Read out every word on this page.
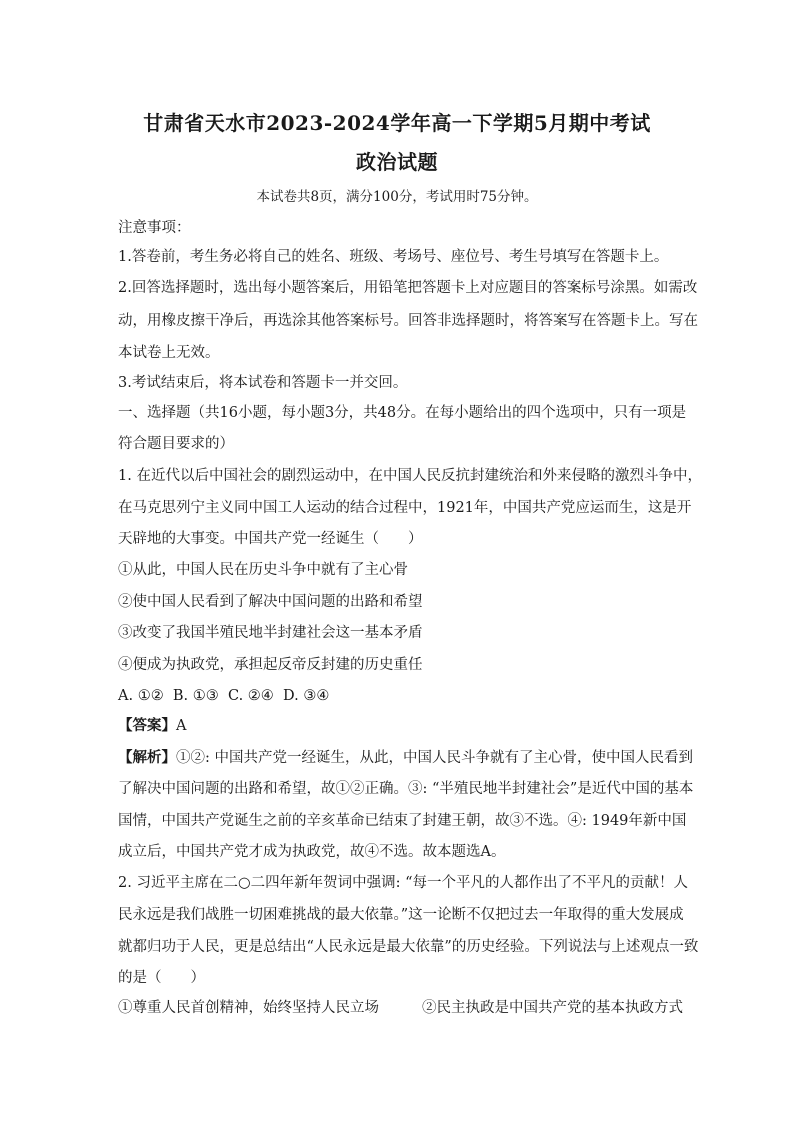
甘肃省天水市2023-2024学年高一下学期5月期中考试
政治试题
本试卷共8页，满分100分，考试用时75分钟。
注意事项：
1.答卷前，考生务必将自己的姓名、班级、考场号、座位号、考生号填写在答题卡上。
2.回答选择题时，选出每小题答案后，用铅笔把答题卡上对应题目的答案标号涂黑。如需改
动，用橡皮擦干净后，再选涂其他答案标号。回答非选择题时，将答案写在答题卡上。写在
本试卷上无效。
3.考试结束后，将本试卷和答题卡一并交回。
一、选择题（共16小题，每小题3分，共48分。在每小题给出的四个选项中，只有一项是
符合题目要求的）
1. 在近代以后中国社会的剧烈运动中，在中国人民反抗封建统治和外来侵略的激烈斗争中，
在马克思列宁主义同中国工人运动的结合过程中，1921年，中国共产党应运而生，这是开
天辟地的大事变。中国共产党一经诞生（　　）
①从此，中国人民在历史斗争中就有了主心骨
②使中国人民看到了解决中国问题的出路和希望
③改变了我国半殖民地半封建社会这一基本矛盾
④便成为执政党，承担起反帝反封建的历史重任
A. ①②  B. ①③  C. ②④  D. ③④
【答案】A
【解析】①②: 中国共产党一经诞生，从此，中国人民斗争就有了主心骨，使中国人民看到
了解决中国问题的出路和希望，故①②正确。③: “半殖民地半封建社会”是近代中国的基本
国情，中国共产党诞生之前的辛亥革命已结束了封建王朝，故③不选。④: 1949年新中国
成立后，中国共产党才成为执政党，故④不选。故本题选A。
2. 习近平主席在二○二四年新年贺词中强调: “每一个平凡的人都作出了不平凡的贡献！人
民永远是我们战胜一切困难挑战的最大依靠。”这一论断不仅把过去一年取得的重大发展成
就都归功于人民，更是总结出“人民永远是最大依靠”的历史经验。下列说法与上述观点一致
的是（　　）
①尊重人民首创精神，始终坚持人民立场	②民主执政是中国共产党的基本执政方式
